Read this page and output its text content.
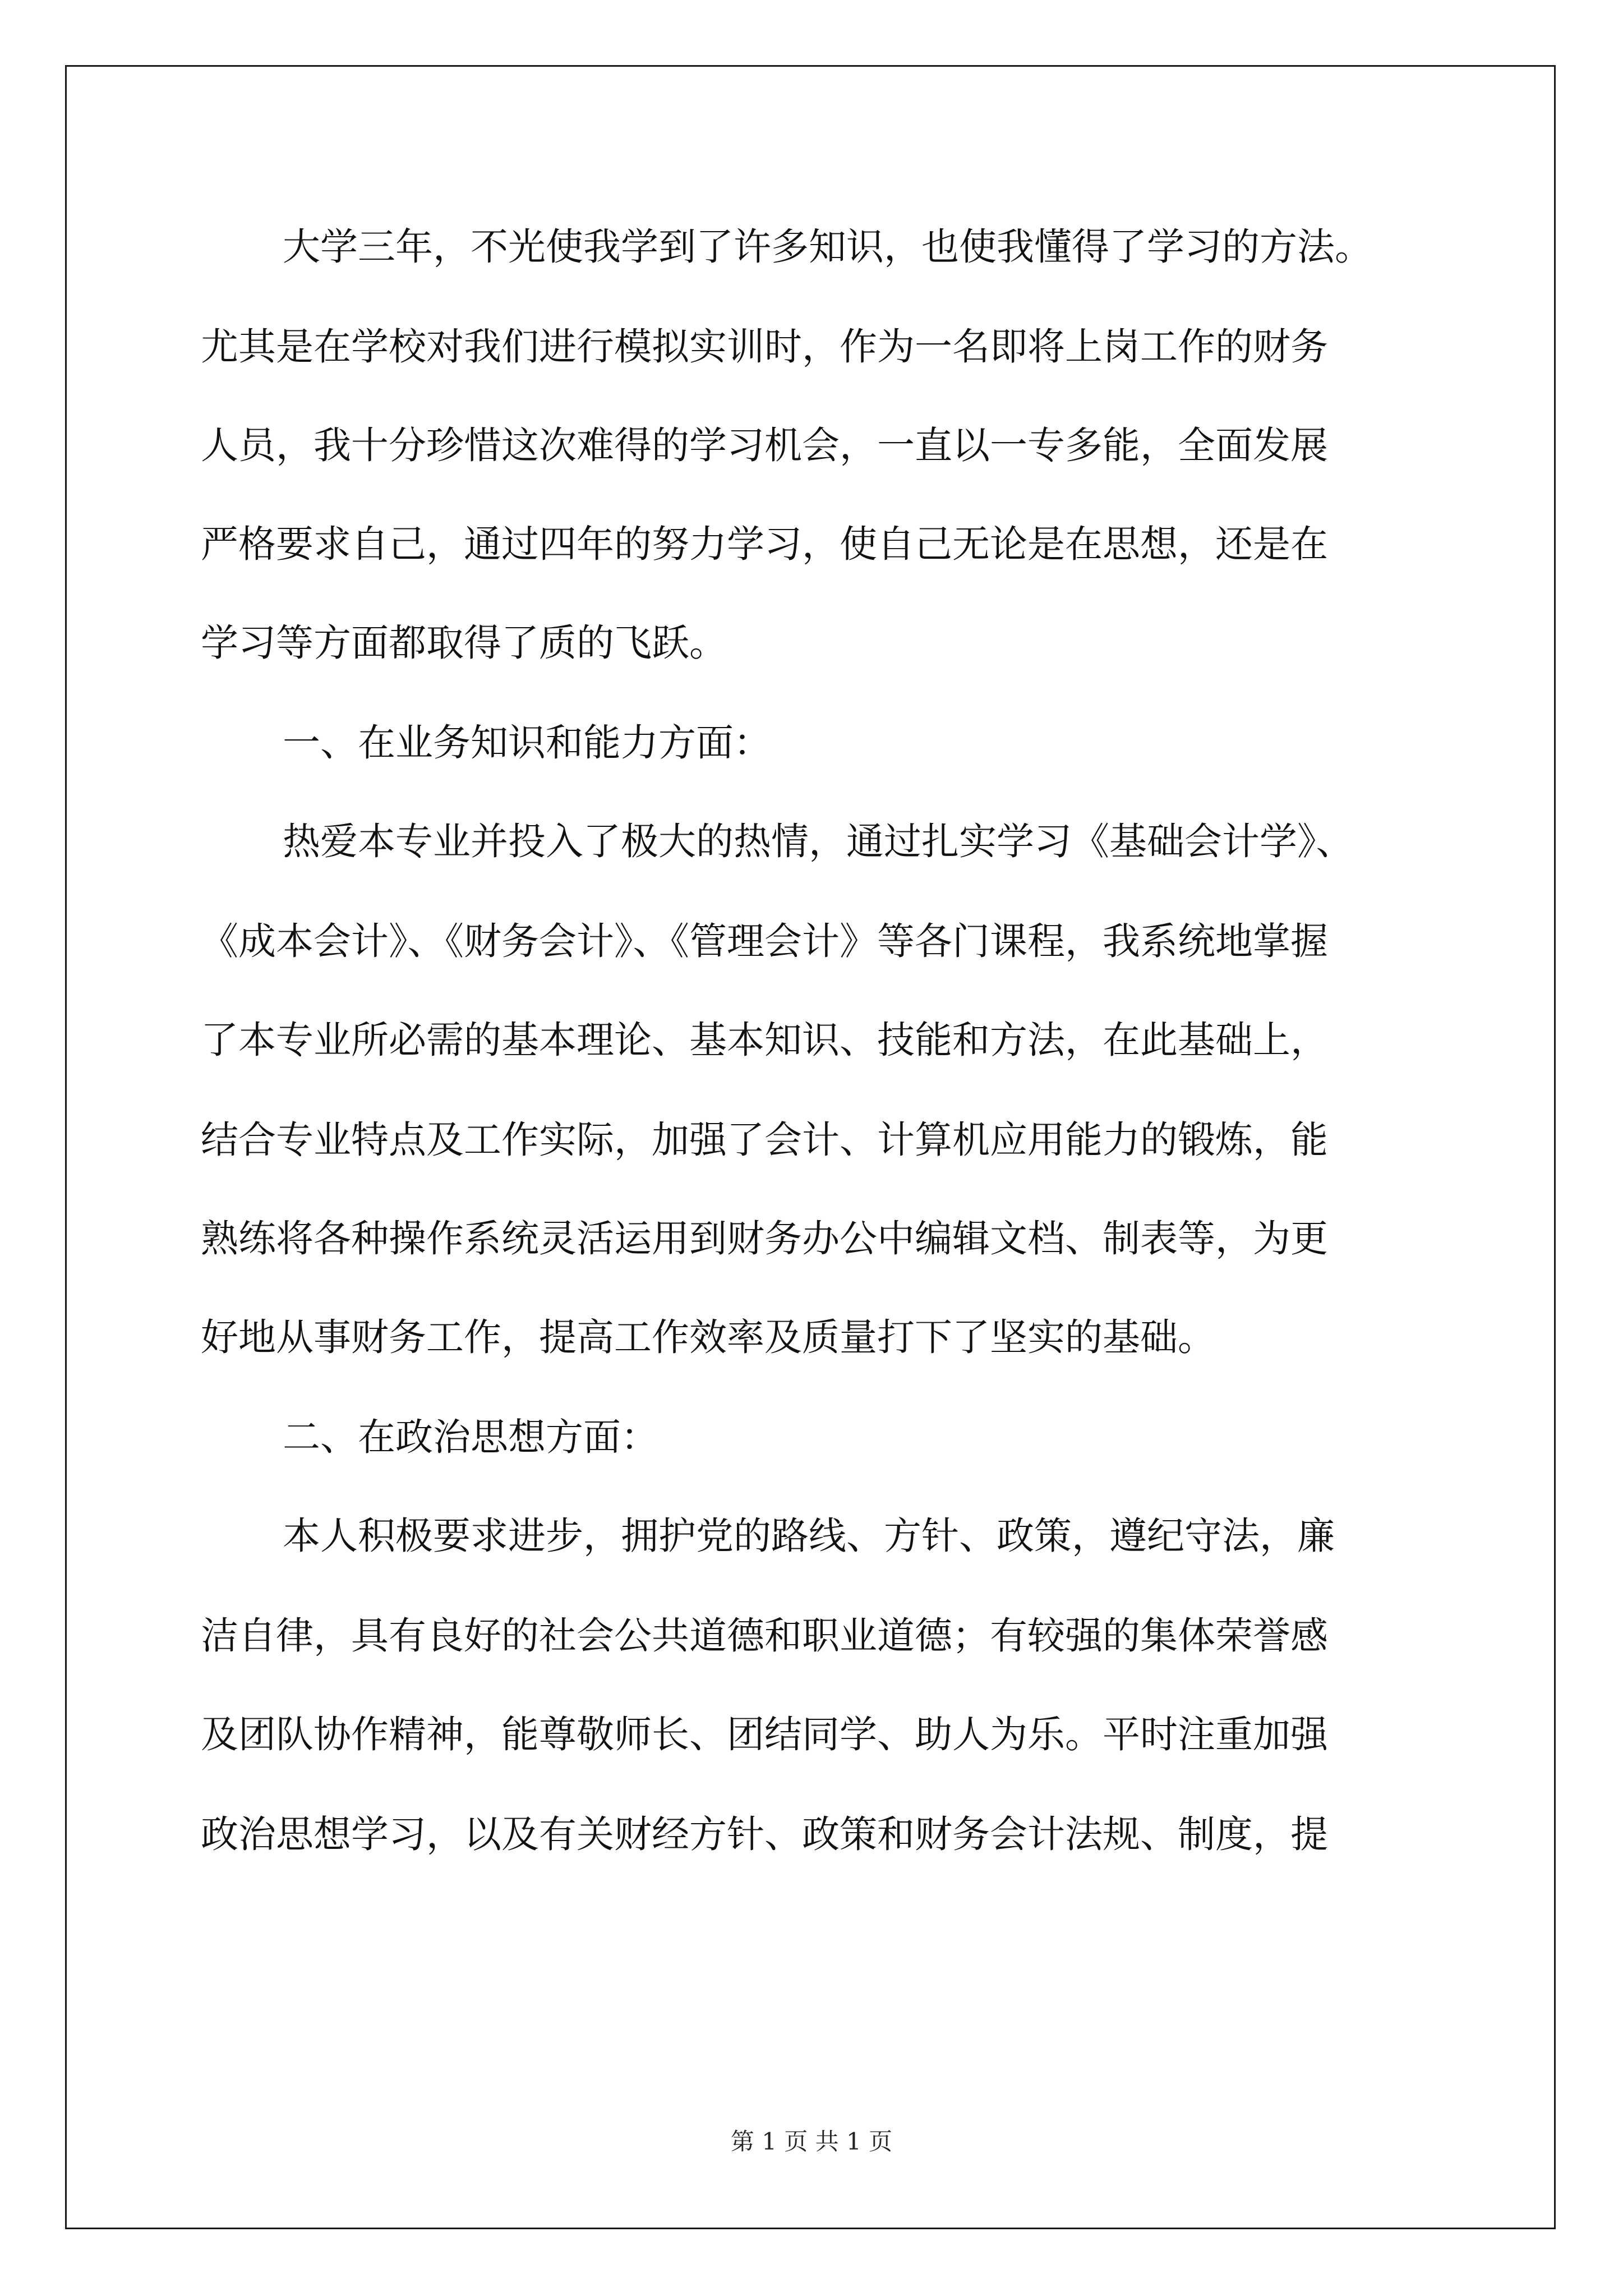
大学三年，不光使我学到了许多知识，也使我懂得了学习的方法。
尤其是在学校对我们进行模拟实训时，作为一名即将上岗工作的财务
人员，我十分珍惜这次难得的学习机会，一直以一专多能，全面发展
严格要求自己，通过四年的努力学习，使自己无论是在思想，还是在
学习等方面都取得了质的飞跃。
一、在业务知识和能力方面：
热爱本专业并投入了极大的热情，通过扎实学习《基础会计学》、
《成本会计》、《财务会计》、《管理会计》等各门课程，我系统地掌握
了本专业所必需的基本理论、基本知识、技能和方法，在此基础上，
结合专业特点及工作实际，加强了会计、计算机应用能力的锻炼，能
熟练将各种操作系统灵活运用到财务办公中编辑文档、制表等，为更
好地从事财务工作，提高工作效率及质量打下了坚实的基础。
二、在政治思想方面：
本人积极要求进步，拥护党的路线、方针、政策，遵纪守法，廉
洁自律，具有良好的社会公共道德和职业道德；有较强的集体荣誉感
及团队协作精神，能尊敬师长、团结同学、助人为乐。平时注重加强
政治思想学习，以及有关财经方针、政策和财务会计法规、制度，提
第 1 页 共 1 页
